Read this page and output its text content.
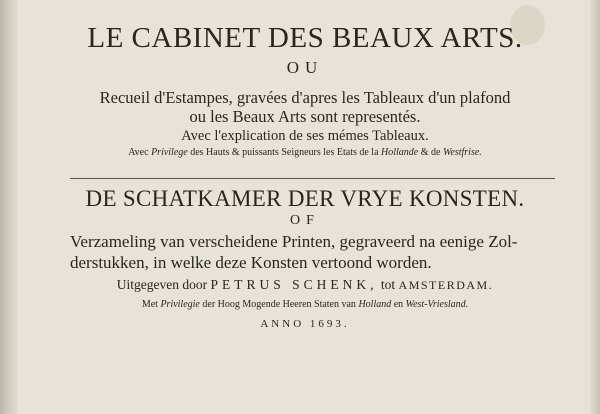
LE CABINET DES BEAUX ARTS.
OU
Recueil d'Estampes, gravées d'apres les Tableaux d'un plafond
ou les Beaux Arts sont representés.
Avec l'explication de ses mémes Tableaux.
Avec Privilege des Hauts & puissants Seigneurs les Etats de la Hollande & de Westfrise.
DE SCHATKAMER DER VRYE KONSTEN.
OF
Verzameling van verscheidene Printen, gegraveerd na eenige Zol-
derstukken, in welke deze Konsten vertoond worden.
Uitgegeven door PETRUS SCHENK, tot AMSTERDAM.
Met Privilegie der Hoog Mogende Heeren Staten van Holland en West-Vriesland.
ANNO 1693.
